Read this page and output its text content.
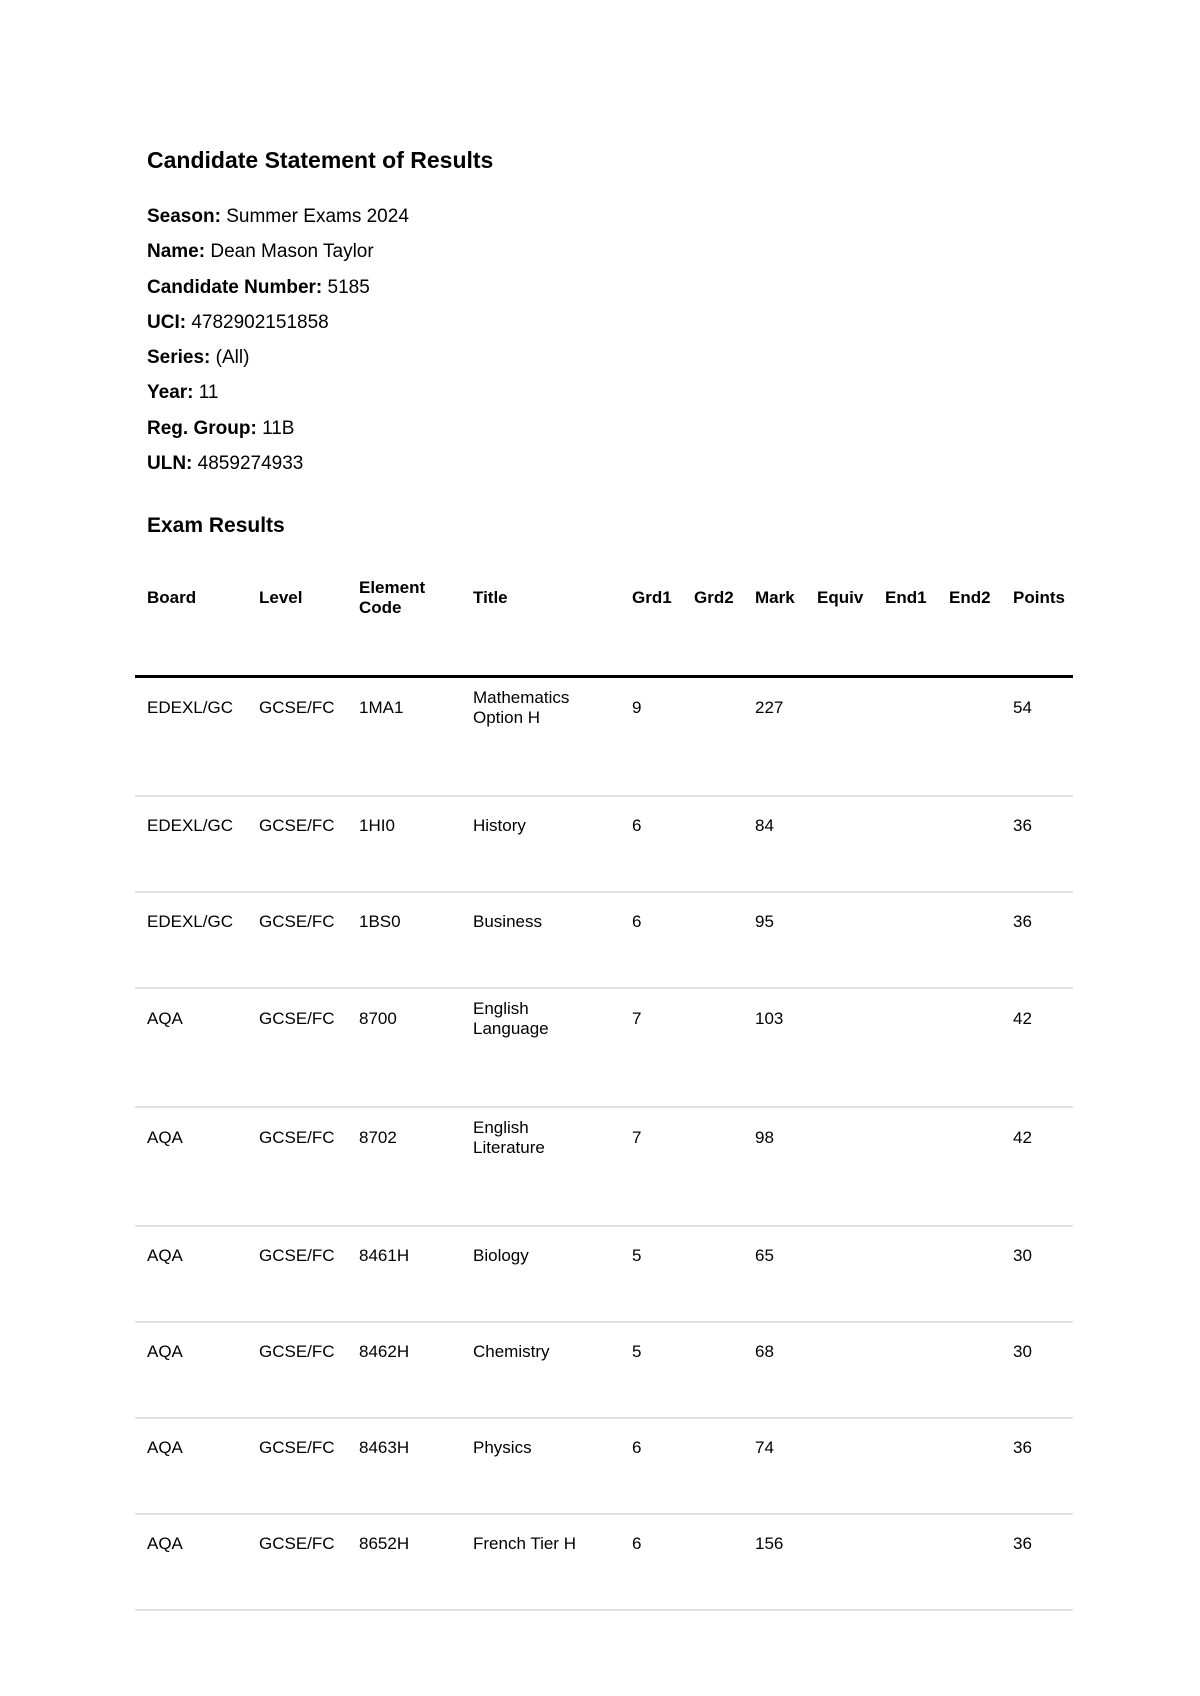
Candidate Statement of Results
Season: Summer Exams 2024
Name: Dean Mason Taylor
Candidate Number: 5185
UCI: 4782902151858
Series: (All)
Year: 11
Reg. Group: 11B
ULN: 4859274933
Exam Results
Board	Level	Element Code	Title	Grd1	Grd2	Mark	Equiv	End1	End2	Points

EDEXL/GC	GCSE/FC	1MA1	Mathematics Option H	9		227				54
EDEXL/GC	GCSE/FC	1HI0	History	6		84				36
EDEXL/GC	GCSE/FC	1BS0	Business	6		95				36
AQA	GCSE/FC	8700	English Language	7		103				42
AQA	GCSE/FC	8702	English Literature	7		98				42
AQA	GCSE/FC	8461H	Biology	5		65				30
AQA	GCSE/FC	8462H	Chemistry	5		68				30
AQA	GCSE/FC	8463H	Physics	6		74				36
AQA	GCSE/FC	8652H	French Tier H	6		156				36
